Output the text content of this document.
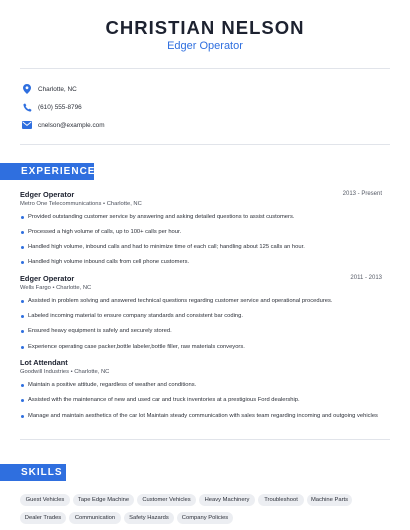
CHRISTIAN NELSON
Edger Operator
Charlotte, NC
(610) 555-8796
cnelson@example.com
EXPERIENCE
Edger Operator	2013 - Present
Metro One Telecommunications • Charlotte, NC
Provided outstanding customer service by answering and asking detailed questions to assist customers.
Processed a high volume of calls, up to 100+ calls per hour.
Handled high volume, inbound calls and had to minimize time of each call; handling about 125 calls an hour.
Handled high volume inbound calls from cell phone customers.
Edger Operator	2011 - 2013
Wells Fargo • Charlotte, NC
Assisted in problem solving and answered technical questions regarding customer service and operational procedures.
Labeled incoming material to ensure company standards and consistent bar coding.
Ensured heavy equipment is safely and securely stored.
Experience operating case packer,bottle labeler,bottle filler, raw materials conveyors.
Lot Attendant
Goodwill Industries • Charlotte, NC
Maintain a positive attitude, regardless of weather and conditions.
Assisted with the maintenance of new and used car and truck inventories at a prestigious Ford dealership.
Manage and maintain aesthetics of the car lot Maintain steady communication with sales team regarding incoming and outgoing vehicles
SKILLS
Guest Vehicles	Tape Edge Machine	Customer Vehicles	Heavy Machinery	Troubleshoot	Machine Parts
Dealer Trades	Communication	Safety Hazards	Company Policies
